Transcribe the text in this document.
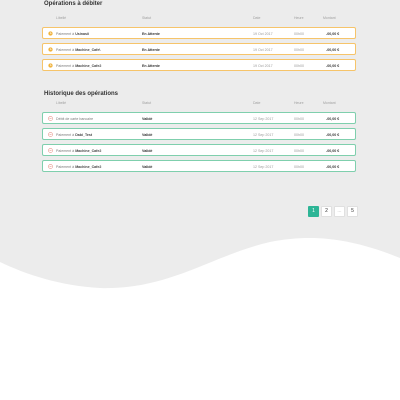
Opérations à débiter
Libellé	Statut	Date	Heure	Montant
Paiement à Usinasii	En Attente	19 Oct 2017	00h00	-00,00 €
Paiement à Machine_Cafe\	En Attente	19 Oct 2017	00h00	-00,00 €
Paiement à Machine_Cafe2	En Attente	19 Oct 2017	00h00	-00,00 €
Historique des opérations
Libellé	Statut	Date	Heure	Montant
Débit de carte bancaire	Validé	12 Sep 2017	00h00	-00,00 €
Paiement à Dabi_Test	Validé	12 Sep 2017	00h00	-00,00 €
Paiement à Machine_Cafe2	Validé	12 Sep 2017	00h00	-00,00 €
Paiement à Machine_Cafe2	Validé	12 Sep 2017	00h00	-00,00 €
1	2	...	5
